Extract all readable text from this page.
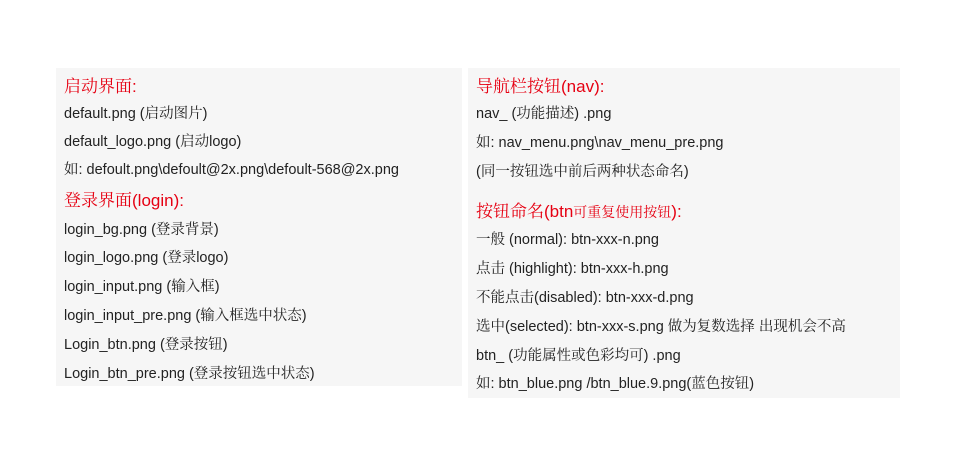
启动界面:
default.png (启动图片)
default_logo.png (启动logo)
如: defoult.png\defoult@2x.png\defoult-568@2x.png
登录界面(login):
login_bg.png (登录背景)
login_logo.png (登录logo)
login_input.png (输入框)
login_input_pre.png (输入框选中状态)
Login_btn.png (登录按钮)
Login_btn_pre.png (登录按钮选中状态)
导航栏按钮(nav):
nav_ (功能描述) .png
如: nav_menu.png\nav_menu_pre.png
(同一按钮选中前后两种状态命名)
按钮命名(btn可重复使用按钮):
一般 (normal): btn-xxx-n.png
点击 (highlight): btn-xxx-h.png
不能点击(disabled): btn-xxx-d.png
选中(selected): btn-xxx-s.png 做为复数选择 出现机会不高
btn_ (功能属性或色彩均可) .png
如: btn_blue.png /btn_blue.9.png(蓝色按钮)
